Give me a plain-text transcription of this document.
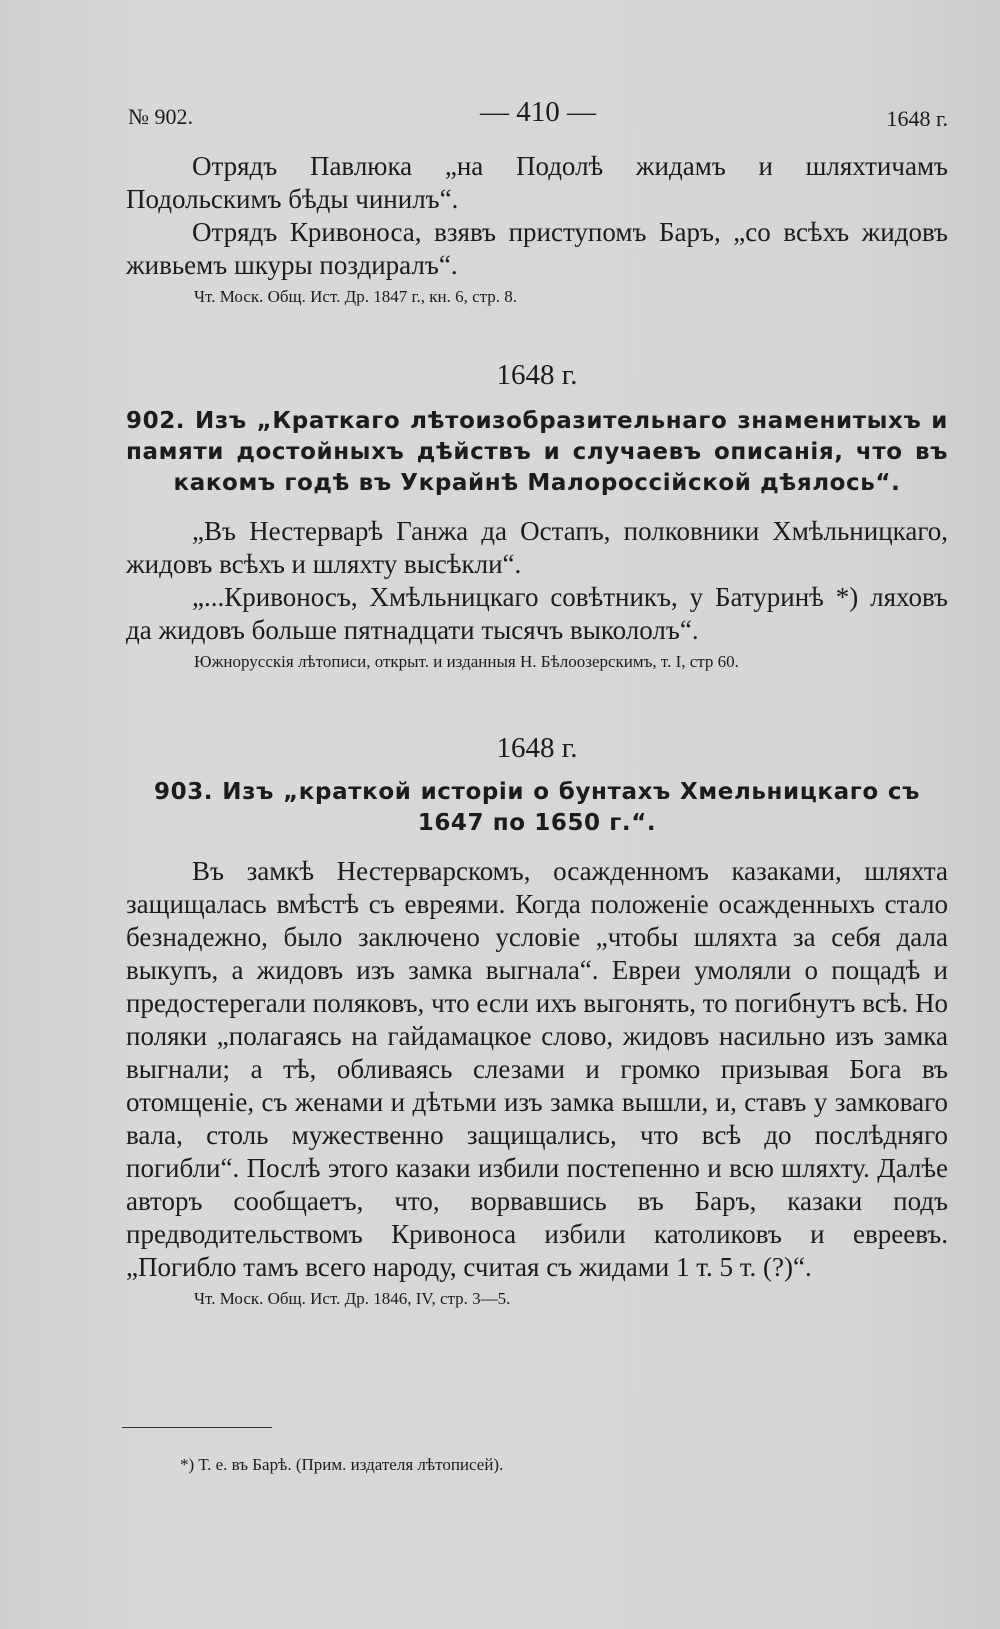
№ 902.	— 410 —	1648 г.

Отрядъ Павлюка „на Подолѣ жидамъ и шляхтичамъ Подольскимъ бѣды чинилъ“.

Отрядъ Кривоноса, взявъ приступомъ Баръ, „со всѣхъ жидовъ живьемъ шкуры поздиралъ“.

Чт. Моск. Общ. Ист. Др. 1847 г., кн. 6, стр. 8.

1648 г.
902. Изъ „Краткаго лѣтоизобразительнаго знаменитыхъ и памяти достойныхъ дѣйствъ и случаевъ описанія, что въ какомъ годѣ въ Украйнѣ Малороссійской дѣялось“.

„Въ Нестерварѣ Ганжа да Остапъ, полковники Хмѣльницкаго, жидовъ всѣхъ и шляхту высѣкли“.

„...Кривоносъ, Хмѣльницкаго совѣтникъ, у Батуринѣ *) ляховъ да жидовъ больше пятнадцати тысячъ выкололъ“.

Южнорусскія лѣтописи, открыт. и изданныя Н. Бѣлоозерскимъ, т. I, стр 60.

1648 г.
903. Изъ „краткой исторіи о бунтахъ Хмельницкаго съ 1647 по 1650 г.“.

Въ замкѣ Нестерварскомъ, осажденномъ казаками, шляхта защищалась вмѣстѣ съ евреями. Когда положеніе осажденныхъ стало безнадежно, было заключено условіе „чтобы шляхта за себя дала выкупъ, а жидовъ изъ замка выгнала“. Евреи умоляли о пощадѣ и предостерегали поляковъ, что если ихъ выгонять, то погибнутъ всѣ. Но поляки „полагаясь на гайдамацкое слово, жидовъ насильно изъ замка выгнали; а тѣ, обливаясь слезами и громко призывая Бога въ отомщеніе, съ женами и дѣтьми изъ замка вышли, и, ставъ у замковаго вала, столь мужественно защищались, что всѣ до послѣдняго погибли“. Послѣ этого казаки избили постепенно и всю шляхту. Далѣе авторъ сообщаетъ, что, ворвавшись въ Баръ, казаки подъ предводительствомъ Кривоноса избили католиковъ и евреевъ. „Погибло тамъ всего народу, считая съ жидами 1 т. 5 т. (?)“.

Чт. Моск. Общ. Ист. Др. 1846, IV, стр. 3—5.

*) Т. е. въ Барѣ. (Прим. издателя лѣтописей).
